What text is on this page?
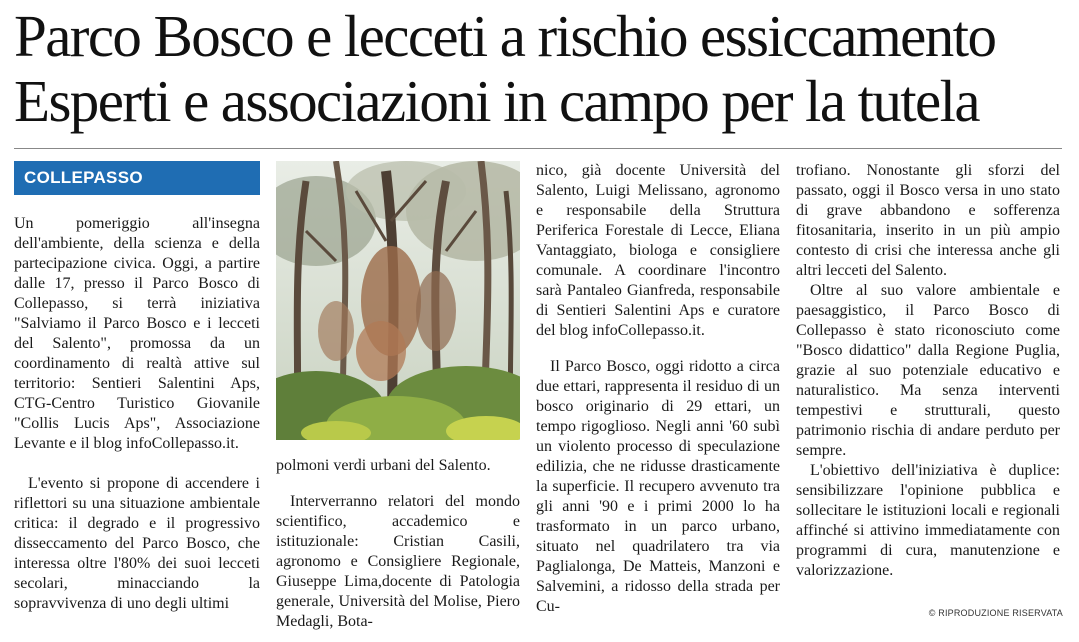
Parco Bosco e lecceti a rischio essiccamento
Esperti e associazioni in campo per la tutela
COLLEPASSO

Un pomeriggio all'insegna dell'ambiente, della scienza e della partecipazione civica. Oggi, a partire dalle 17, presso il Parco Bosco di Collepasso, si terrà iniziativa "Salviamo il Parco Bosco e i lecceti del Salento", promossa da un coordinamento di realtà attive sul territorio: Sentieri Salentini Aps, CTG-Centro Turistico Giovanile "Collis Lucis Aps", Associazione Levante e il blog infoCollepasso.it.

L'evento si propone di accendere i riflettori su una situazione ambientale critica: il degrado e il progressivo disseccamento del Parco Bosco, che interessa oltre l'80% dei suoi lecceti secolari, minacciando la sopravvivenza di uno degli ultimi

polmoni verdi urbani del Salento.

Interverranno relatori del mondo scientifico, accademico e istituzionale: Cristian Casili, agronomo e Consigliere Regionale, Giuseppe Lima,docente di Patologia generale, Università del Molise, Piero Medagli, Bota-

nico, già docente Università del Salento, Luigi Melissano, agronomo e responsabile della Struttura Periferica Forestale di Lecce, Eliana Vantaggiato, biologa e consigliere comunale. A coordinare l'incontro sarà Pantaleo Gianfreda, responsabile di Sentieri Salentini Aps e curatore del blog infoCollepasso.it.

Il Parco Bosco, oggi ridotto a circa due ettari, rappresenta il residuo di un bosco originario di 29 ettari, un tempo rigoglioso. Negli anni '60 subì un violento processo di speculazione edilizia, che ne ridusse drasticamente la superficie. Il recupero avvenuto tra gli anni '90 e i primi 2000 lo ha trasformato in un parco urbano, situato nel quadrilatero tra via Paglialonga, De Matteis, Manzoni e Salvemini, a ridosso della strada per Cu-

trofiano. Nonostante gli sforzi del passato, oggi il Bosco versa in uno stato di grave abbandono e sofferenza fitosanitaria, inserito in un più ampio contesto di crisi che interessa anche gli altri lecceti del Salento.

Oltre al suo valore ambientale e paesaggistico, il Parco Bosco di Collepasso è stato riconosciuto come "Bosco didattico" dalla Regione Puglia, grazie al suo potenziale educativo e naturalistico. Ma senza interventi tempestivi e strutturali, questo patrimonio rischia di andare perduto per sempre.

L'obiettivo dell'iniziativa è duplice: sensibilizzare l'opinione pubblica e sollecitare le istituzioni locali e regionali affinché si attivino immediatamente con programmi di cura, manutenzione e valorizzazione.

© RIPRODUZIONE RISERVATA
